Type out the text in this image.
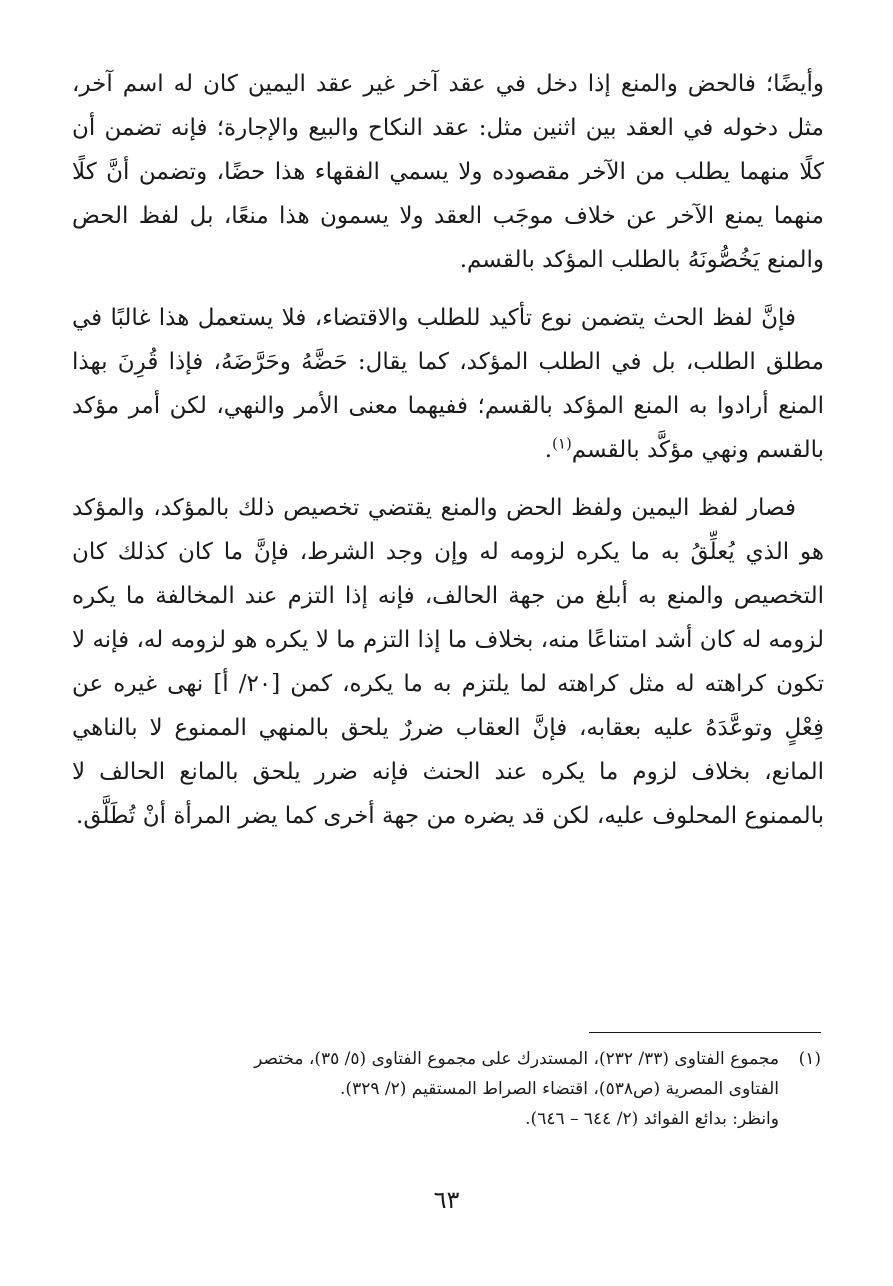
وأيضًا؛ فالحض والمنع إذا دخل في عقد آخر غير عقد اليمين كان له اسم آخر، مثل دخوله في العقد بين اثنين مثل: عقد النكاح والبيع والإجارة؛ فإنه تضمن أن كلًا منهما يطلب من الآخر مقصوده ولا يسمي الفقهاء هذا حضًا، وتضمن أنَّ كلًا منهما يمنع الآخر عن خلاف موجَب العقد ولا يسمون هذا منعًا، بل لفظ الحض والمنع يَخُصُّونَهُ بالطلب المؤكد بالقسم.

فإنَّ لفظ الحث يتضمن نوع تأكيد للطلب والاقتضاء، فلا يستعمل هذا غالبًا في مطلق الطلب، بل في الطلب المؤكد، كما يقال: حَضَّهُ وحَرَّضَهُ، فإذا قُرِنَ بهذا المنع أرادوا به المنع المؤكد بالقسم؛ ففيهما معنى الأمر والنهي، لكن أمر مؤكد بالقسم ونهي مؤكَّد بالقسم$^{(١)}$.

فصار لفظ اليمين ولفظ الحض والمنع يقتضي تخصيص ذلك بالمؤكد، والمؤكد هو الذي يُعلِّقُ به ما يكره لزومه له وإن وجد الشرط، فإنَّ ما كان كذلك كان التخصيص والمنع به أبلغ من جهة الحالف، فإنه إذا التزم عند المخالفة ما يكره لزومه له كان أشد امتناعًا منه، بخلاف ما إذا التزم ما لا يكره هو لزومه له، فإنه لا تكون كراهته له مثل كراهته لما يلتزم به ما يكره، كمن [٢٠/ أ] نهى غيره عن فِعْلٍ وتوعَّدَهُ عليه بعقابه، فإنَّ العقاب ضررٌ يلحق بالمنهي الممنوع لا بالناهي المانع، بخلاف لزوم ما يكره عند الحنث فإنه ضرر يلحق بالمانع الحالف لا بالممنوع المحلوف عليه، لكن قد يضره من جهة أخرى كما يضر المرأة أنْ تُطَلَّق.

(١)
مجموع الفتاوى (٣٣/ ٢٣٢)، المستدرك على مجموع الفتاوى (٥/ ٣٥)، مختصر
الفتاوى المصرية (ص٥٣٨)، اقتضاء الصراط المستقيم (٢/ ٣٢٩).
وانظر: بدائع الفوائد (٢/ ٦٤٤ – ٦٤٦).
٦٣
